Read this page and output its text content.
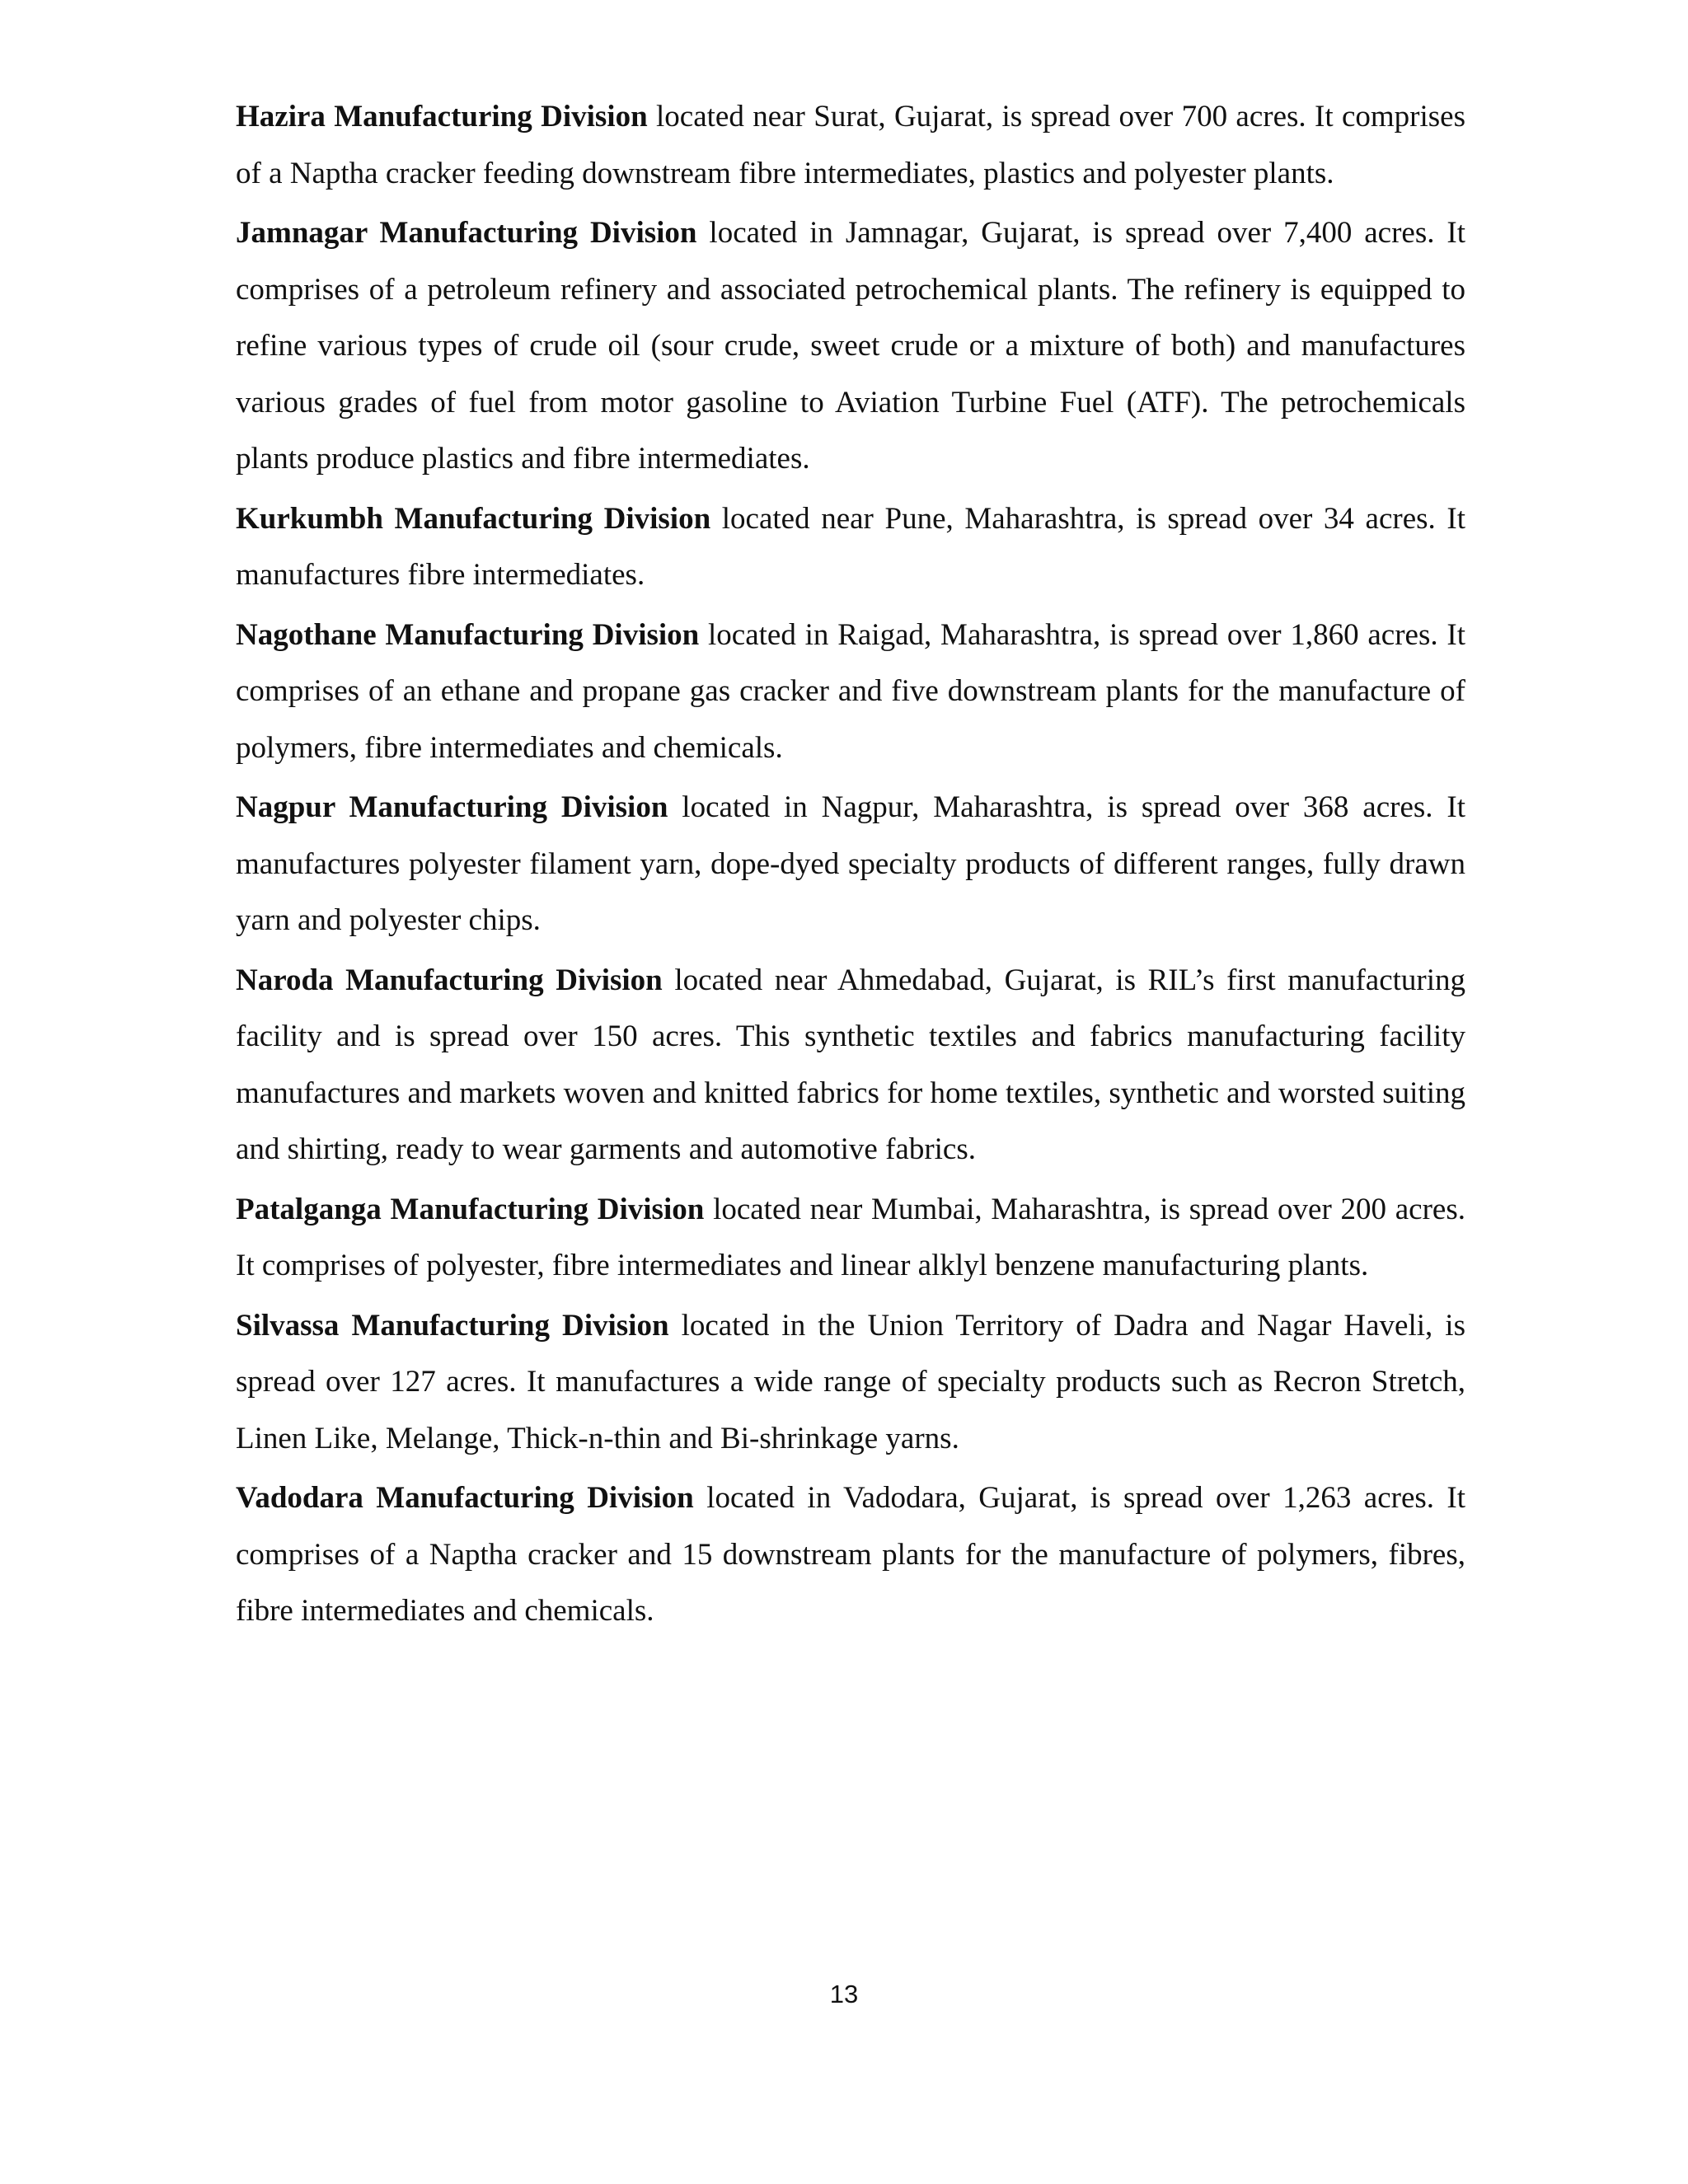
Hazira Manufacturing Division located near Surat, Gujarat, is spread over 700 acres. It comprises of a Naptha cracker feeding downstream fibre intermediates, plastics and polyester plants.

Jamnagar Manufacturing Division located in Jamnagar, Gujarat, is spread over 7,400 acres. It comprises of a petroleum refinery and associated petrochemical plants. The refinery is equipped to refine various types of crude oil (sour crude, sweet crude or a mixture of both) and manufactures various grades of fuel from motor gasoline to Aviation Turbine Fuel (ATF). The petrochemicals plants produce plastics and fibre intermediates.

Kurkumbh Manufacturing Division located near Pune, Maharashtra, is spread over 34 acres. It manufactures fibre intermediates.

Nagothane Manufacturing Division located in Raigad, Maharashtra, is spread over 1,860 acres. It comprises of an ethane and propane gas cracker and five downstream plants for the manufacture of polymers, fibre intermediates and chemicals.

Nagpur Manufacturing Division located in Nagpur, Maharashtra, is spread over 368 acres. It manufactures polyester filament yarn, dope-dyed specialty products of different ranges, fully drawn yarn and polyester chips.

Naroda Manufacturing Division located near Ahmedabad, Gujarat, is RIL’s first manufacturing facility and is spread over 150 acres. This synthetic textiles and fabrics manufacturing facility manufactures and markets woven and knitted fabrics for home textiles, synthetic and worsted suiting and shirting, ready to wear garments and automotive fabrics.

Patalganga Manufacturing Division located near Mumbai, Maharashtra, is spread over 200 acres. It comprises of polyester, fibre intermediates and linear alklyl benzene manufacturing plants.

Silvassa Manufacturing Division located in the Union Territory of Dadra and Nagar Haveli, is spread over 127 acres. It manufactures a wide range of specialty products such as Recron Stretch, Linen Like, Melange, Thick-n-thin and Bi-shrinkage yarns.

Vadodara Manufacturing Division located in Vadodara, Gujarat, is spread over 1,263 acres. It comprises of a Naptha cracker and 15 downstream plants for the manufacture of polymers, fibres, fibre intermediates and chemicals.

13
